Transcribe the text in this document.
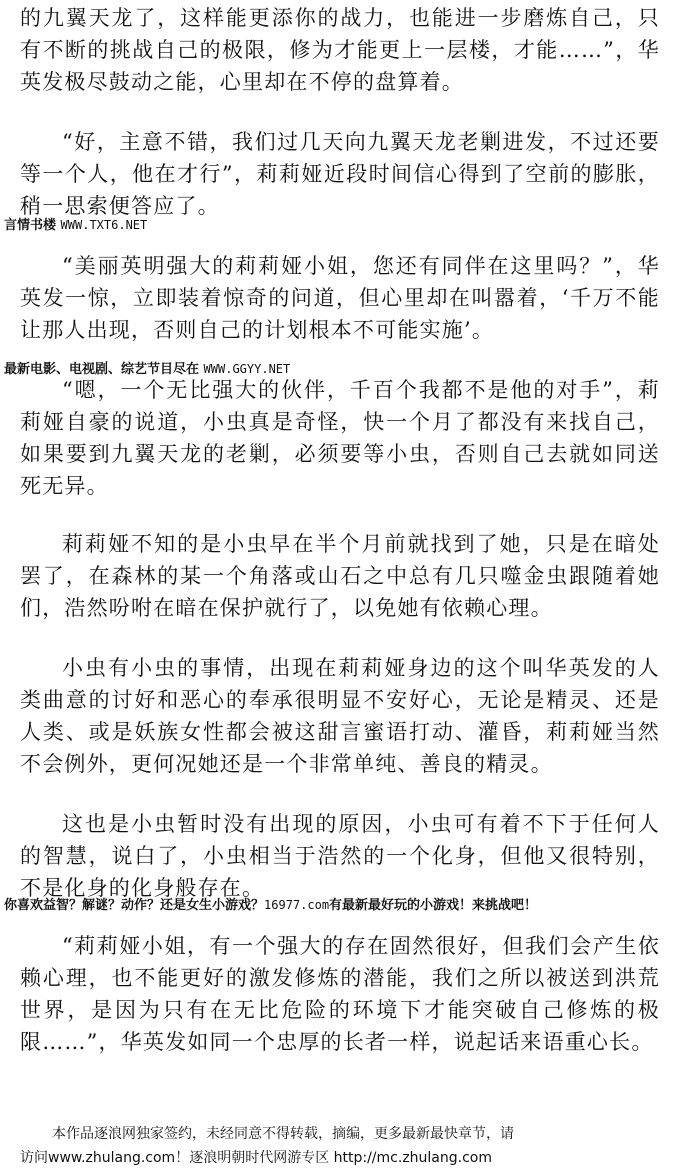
的九翼天龙了，这样能更添你的战力，也能进一步磨炼自己，只有不断的挑战自己的极限，修为才能更上一层楼，才能……”，华英发极尽鼓动之能，心里却在不停的盘算着。

“好，主意不错，我们过几天向九翼天龙老剿进发，不过还要等一个人，他在才行”，莉莉娅近段时间信心得到了空前的膨胀，稍一思索便答应了。

言情书楼 WWW.TXT6.NET

“美丽英明强大的莉莉娅小姐，您还有同伴在这里吗？”，华英发一惊，立即装着惊奇的问道，但心里却在叫嚣着，‘千万不能让那人出现，否则自己的计划根本不可能实施’。

最新电影、电视剧、综艺节目尽在 WWW.GGYY.NET

“嗯，一个无比强大的伙伴，千百个我都不是他的对手”，莉莉娅自豪的说道，小虫真是奇怪，快一个月了都没有来找自己，如果要到九翼天龙的老剿，必须要等小虫，否则自己去就如同送死无异。

莉莉娅不知的是小虫早在半个月前就找到了她，只是在暗处罢了，在森林的某一个角落或山石之中总有几只噬金虫跟随着她们，浩然吩咐在暗在保护就行了，以免她有依赖心理。

小虫有小虫的事情，出现在莉莉娅身边的这个叫华英发的人类曲意的讨好和恶心的奉承很明显不安好心，无论是精灵、还是人类、或是妖族女性都会被这甜言蜜语打动、灌昏，莉莉娅当然不会例外，更何况她还是一个非常单纯、善良的精灵。

这也是小虫暂时没有出现的原因，小虫可有着不下于任何人的智慧，说白了，小虫相当于浩然的一个化身，但他又很特别，不是化身的化身般存在。

你喜欢益智？解谜？动作？还是女生小游戏？16977.com有最新最好玩的小游戏！来挑战吧！

“莉莉娅小姐，有一个强大的存在固然很好，但我们会产生依赖心理，也不能更好的激发修炼的潜能，我们之所以被送到洪荒世界，是因为只有在无比危险的环境下才能突破自己修炼的极限……”，华英发如同一个忠厚的长者一样，说起话来语重心长。

本作品逐浪网独家签约，未经同意不得转载，摘编，更多最新最快章节，请
访问www.zhulang.com！逐浪明朝时代网游专区 http://mc.zhulang.com
